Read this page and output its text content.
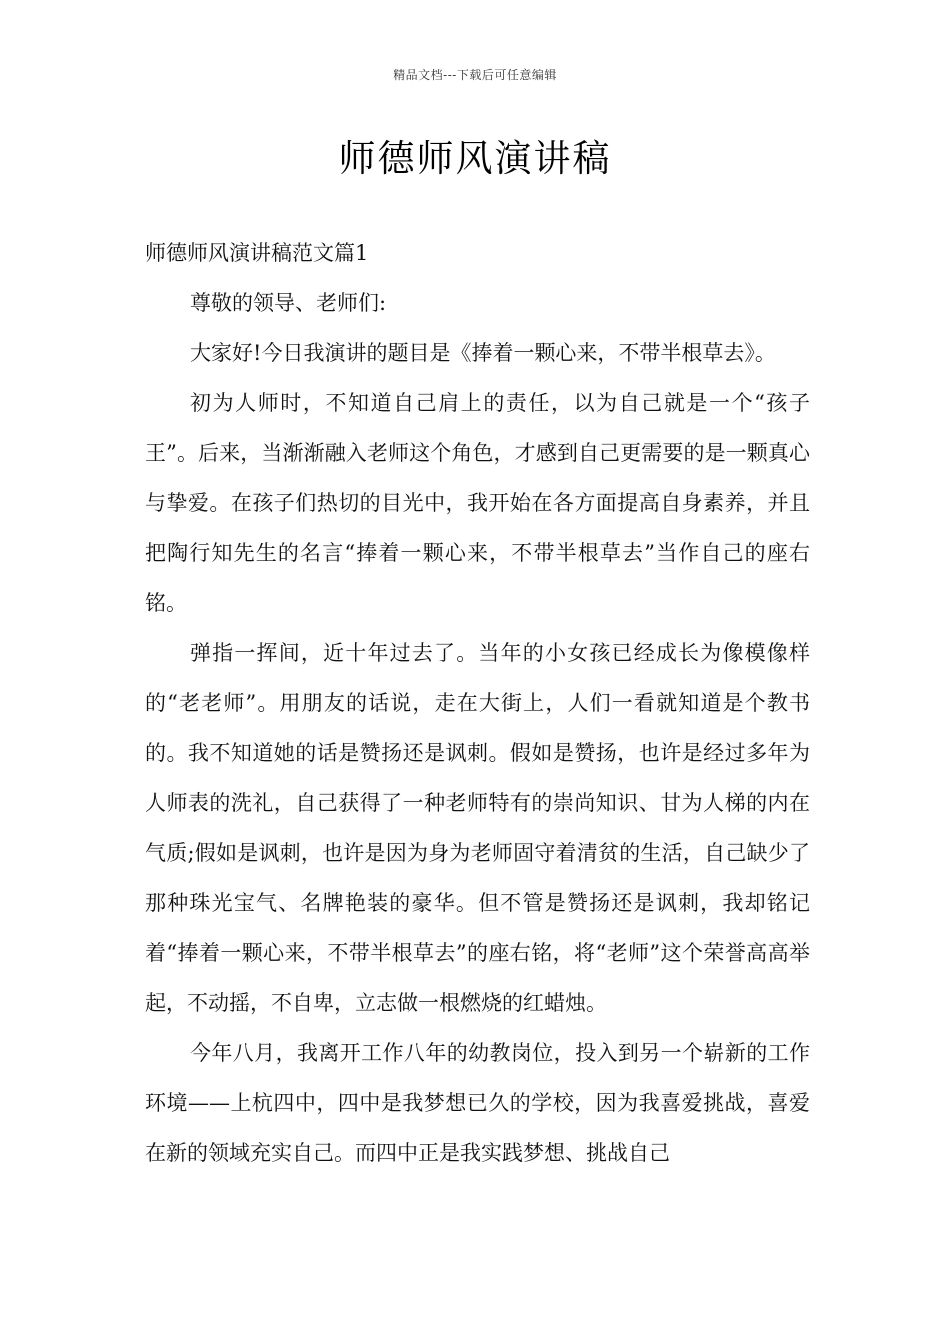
精品文档---下载后可任意编辑
师德师风演讲稿

师德师风演讲稿范文篇1

尊敬的领导、老师们:

大家好!今日我演讲的题目是《捧着一颗心来，不带半根草去》。

初为人师时，不知道自己肩上的责任，以为自己就是一个“孩子王”。后来，当渐渐融入老师这个角色，才感到自己更需要的是一颗真心与挚爱。在孩子们热切的目光中，我开始在各方面提高自身素养，并且把陶行知先生的名言“捧着一颗心来，不带半根草去”当作自己的座右铭。

弹指一挥间，近十年过去了。当年的小女孩已经成长为像模像样的“老老师”。用朋友的话说，走在大街上，人们一看就知道是个教书的。我不知道她的话是赞扬还是讽刺。假如是赞扬，也许是经过多年为人师表的洗礼，自己获得了一种老师特有的崇尚知识、甘为人梯的内在气质;假如是讽刺，也许是因为身为老师固守着清贫的生活，自己缺少了那种珠光宝气、名牌艳装的豪华。但不管是赞扬还是讽刺，我却铭记着“捧着一颗心来，不带半根草去”的座右铭，将“老师”这个荣誉高高举起，不动摇，不自卑，立志做一根燃烧的红蜡烛。

今年八月，我离开工作八年的幼教岗位，投入到另一个崭新的工作环境——上杭四中，四中是我梦想已久的学校，因为我喜爱挑战，喜爱在新的领域充实自己。而四中正是我实践梦想、挑战自己
